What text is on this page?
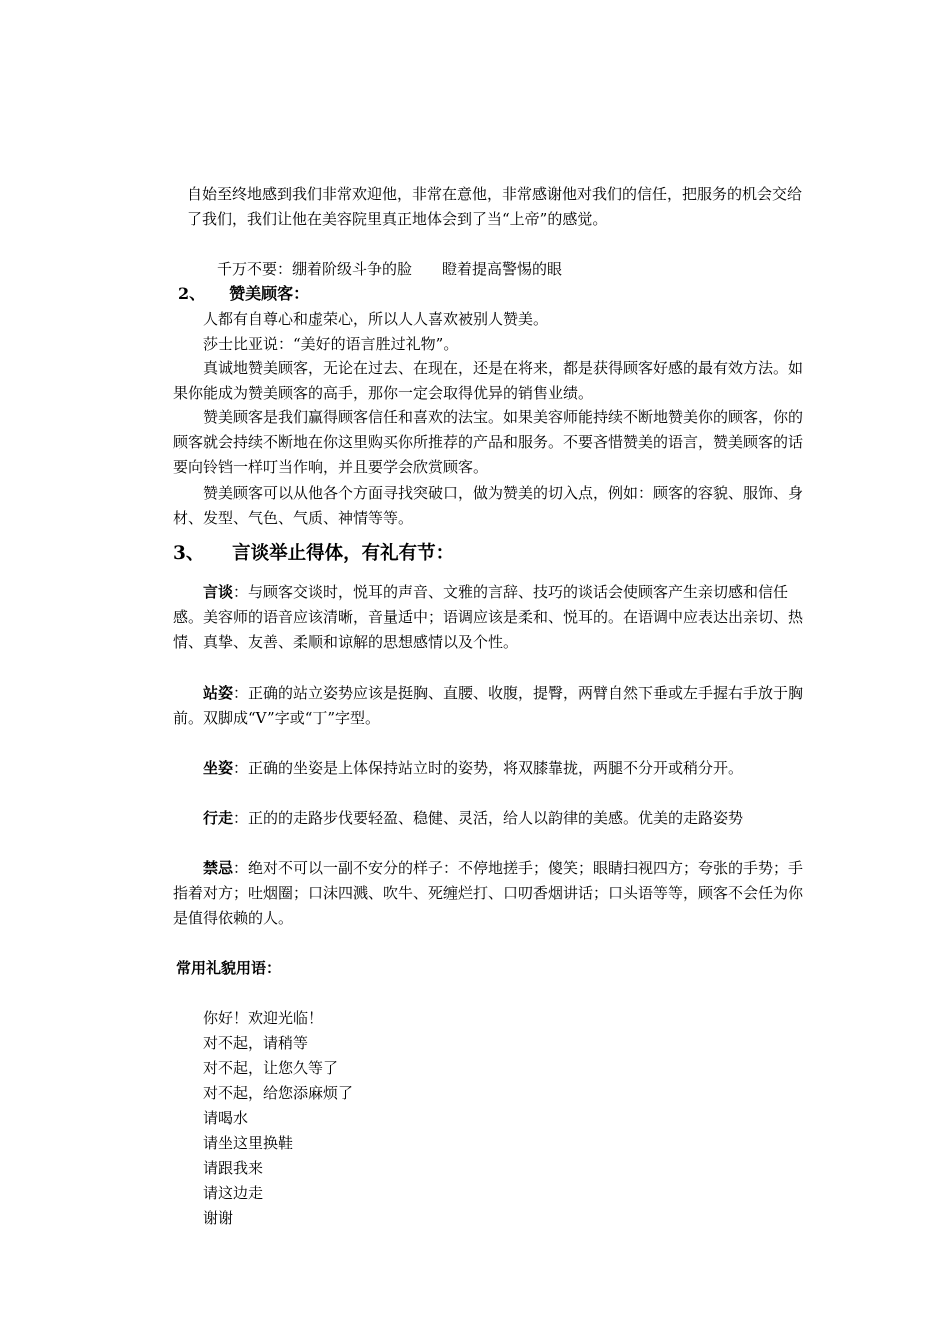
自始至终地感到我们非常欢迎他，非常在意他，非常感谢他对我们的信任，把服务的机会交给了我们，我们让他在美容院里真正地体会到了当“上帝”的感觉。

千万不要：绷着阶级斗争的脸　　瞪着提高警惕的眼

2、　　赞美顾客：

人都有自尊心和虚荣心，所以人人喜欢被别人赞美。

莎士比亚说：“美好的语言胜过礼物”。

真诚地赞美顾客，无论在过去、在现在，还是在将来，都是获得顾客好感的最有效方法。如果你能成为赞美顾客的高手，那你一定会取得优异的销售业绩。

赞美顾客是我们赢得顾客信任和喜欢的法宝。如果美容师能持续不断地赞美你的顾客，你的顾客就会持续不断地在你这里购买你所推荐的产品和服务。不要吝惜赞美的语言，赞美顾客的话要向铃铛一样叮当作响，并且要学会欣赏顾客。

赞美顾客可以从他各个方面寻找突破口，做为赞美的切入点，例如：顾客的容貌、服饰、身材、发型、气色、气质、神情等等。

3、　　言谈举止得体，有礼有节：

言谈：与顾客交谈时，悦耳的声音、文雅的言辞、技巧的谈话会使顾客产生亲切感和信任感。美容师的语音应该清晰，音量适中；语调应该是柔和、悦耳的。在语调中应表达出亲切、热情、真挚、友善、柔顺和谅解的思想感情以及个性。

站姿：正确的站立姿势应该是挺胸、直腰、收腹，提臀，两臂自然下垂或左手握右手放于胸前。双脚成“V”字或“丁”字型。

坐姿：正确的坐姿是上体保持站立时的姿势，将双膝靠拢，两腿不分开或稍分开。

行走：正的的走路步伐要轻盈、稳健、灵活，给人以韵律的美感。优美的走路姿势

禁忌：绝对不可以一副不安分的样子：不停地搓手；傻笑；眼睛扫视四方；夸张的手势；手指着对方；吐烟圈；口沫四溅、吹牛、死缠烂打、口叨香烟讲话；口头语等等，顾客不会任为你是值得依赖的人。

常用礼貌用语：

你好！欢迎光临！
对不起，请稍等
对不起，让您久等了
对不起，给您添麻烦了
请喝水
请坐这里换鞋
请跟我来
请这边走
谢谢
